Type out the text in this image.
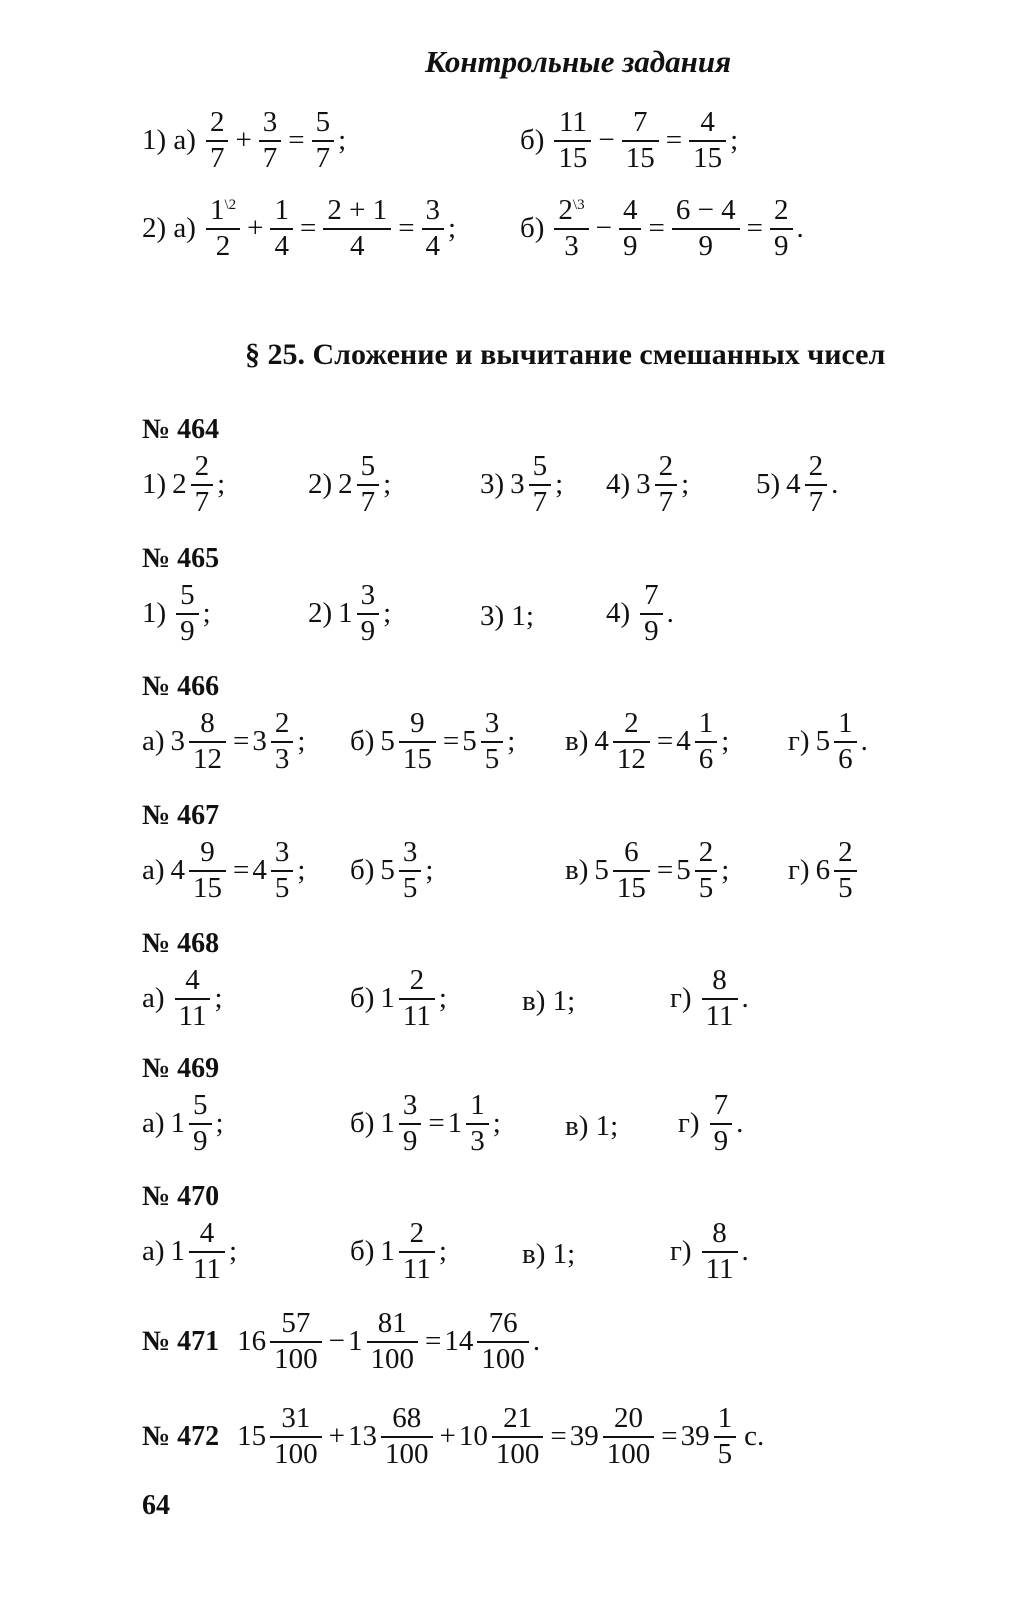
Контрольные задания
1) $а) \frac{2}{7} + \frac{3}{7} = \frac{5}{7}$ ;	$б) \frac{11}{15} - \frac{7}{15} = \frac{4}{15}$ ;
2) $а) \frac{1^{\backslash 2}}{2} + \frac{1}{4} = \frac{2 + 1}{4} = \frac{3}{4}$ ; $б) \frac{2^{\backslash 3}}{3} - \frac{4}{9} = \frac{6 - 4}{9} = \frac{2}{9}$ .
§ 25. Сложение и вычитание смешанных чисел
№ 464
1) $2 \frac{2}{7}$ ;	2) $2 \frac{5}{7}$ ;	3) $3 \frac{5}{7}$ ; 4) $3 \frac{2}{7}$ ; 5) $4 \frac{2}{7}$ .
№ 465
$1) \frac{5}{9}$ ;	2) $1 \frac{3}{9}$ ;	3) 1; $4) \frac{7}{9}$ .
№ 466
а) $3 \frac{8}{12} = 3 \frac{2}{3}$ ; б) $5 \frac{9}{15} = 5 \frac{3}{5}$ ; в) $4 \frac{2}{12} = 4 \frac{1}{6}$ ; г) $5 \frac{1}{6}$ .
№ 467
а) $4 \frac{9}{15} = 4 \frac{3}{5}$ ; б) $5 \frac{3}{5}$ ;	в) $5 \frac{6}{15} = 5 \frac{2}{5}$ ; г) $6 \frac{2}{5}$
№ 468
$а) \frac{4}{11}$ ;	б) $1 \frac{2}{11}$ ;	в) 1;	$г) \frac{8}{11}$ .
№ 469
а) $1 \frac{5}{9}$ ;	б) $1 \frac{3}{9} = 1 \frac{1}{3}$ ; в) 1; $г) \frac{7}{9}$ .
№ 470
а) $1 \frac{4}{11}$ ;	б) $1 \frac{2}{11}$ ;	в) 1;	$г) \frac{8}{11}$ .
№ 471 $16 \frac{57}{100} - 1 \frac{81}{100} = 14 \frac{76}{100}$ .
№ 472 $15 \frac{31}{100} + 13 \frac{68}{100} + 10 \frac{21}{100} = 39 \frac{20}{100} = 39 \frac{1}{5} с$.
64
